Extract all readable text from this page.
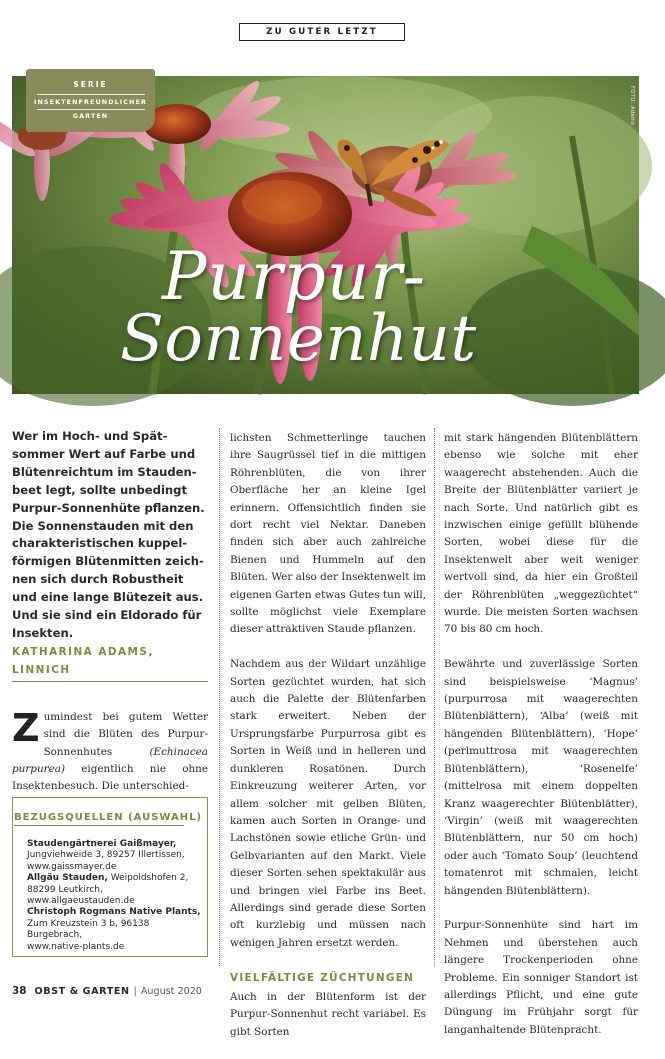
ZU GUTER LETZT
FOTO: Adams
SERIE
INSEKTENFREUNDLICHER
GARTEN
Purpur-
Sonnenhut
Wer im Hoch- und Spätsommer Wert auf Farbe und Blütenreichtum im Staudenbeet legt, sollte unbedingt Purpur-Sonnenhüte pflanzen. Die Sonnenstauden mit den charakteristischen kuppelförmigen Blütenmitten zeichnen sich durch Robustheit und eine lange Blütezeit aus. Und sie sind ein Eldorado für Insekten.  KATHARINA ADAMS, LINNICH

Zumindest bei gutem Wetter sind die Blüten des Purpur-Sonnenhutes (Echinacea purpurea) eigentlich nie ohne Insektenbesuch. Die unterschied-

BEZUGSQUELLEN (AUSWAHL)
Staudengärtnerei Gaißmayer, Jungviehweide 3, 89257 Illertissen,
www.gaissmayer.de
Allgäu Stauden, Weipoldshofen 2, 88299 Leutkirch,
www.allgaeustauden.de
Christoph Rogmans Native Plants, Zum Kreuzstein 3 b, 96138 Burgebrach,
www.native-plants.de

lichsten Schmetterlinge tauchen ihre Saugrüssel tief in die mittigen Röhrenblüten, die von ihrer Oberfläche her an kleine Igel erinnern. Offensichtlich finden sie dort recht viel Nektar. Daneben finden sich aber auch zahlreiche Bienen und Hummeln auf den Blüten. Wer also der Insektenwelt im eigenen Garten etwas Gutes tun will, sollte möglichst viele Exemplare dieser attraktiven Staude pflanzen.

Nachdem aus der Wildart unzählige Sorten gezüchtet wurden, hat sich auch die Palette der Blütenfarben stark erweitert. Neben der Ursprungsfarbe Purpurrosa gibt es Sorten in Weiß und in helleren und dunkleren Rosatönen. Durch Einkreuzung weiterer Arten, vor allem solcher mit gelben Blüten, kamen auch Sorten in Orange- und Lachstönen sowie etliche Grün- und Gelbvarianten auf den Markt. Viele dieser Sorten sehen spektakulär aus und bringen viel Farbe ins Beet. Allerdings sind gerade diese Sorten oft kurzlebig und müssen nach wenigen Jahren ersetzt werden.

VIELFÄLTIGE ZÜCHTUNGEN

Auch in der Blütenform ist der Purpur-Sonnenhut recht variabel. Es gibt Sorten

mit stark hängenden Blütenblättern ebenso wie solche mit eher waagerecht abstehenden. Auch die Breite der Blütenblätter variiert je nach Sorte. Und natürlich gibt es inzwischen einige gefüllt blühende Sorten, wobei diese für die Insektenwelt aber weit weniger wertvoll sind, da hier ein Großteil der Röhrenblüten „weggezüchtet“ wurde. Die meisten Sorten wachsen 70 bis 80 cm hoch.

Bewährte und zuverlässige Sorten sind beispielsweise ‘Magnus’ (purpurrosa mit waagerechten Blütenblättern), ‘Alba’ (weiß mit hängenden Blütenblättern), ‘Hope’ (perlmuttrosa mit waagerechten Blütenblättern), ‘Rosenelfe’ (mittelrosa mit einem doppelten Kranz waagerechter Blütenblätter), ‘Virgin’ (weiß mit waagerechten Blütenblättern, nur 50 cm hoch) oder auch ‘Tomato Soup’ (leuchtend tomatenrot mit schmalen, leicht hängenden Blütenblättern).

Purpur-Sonnenhüte sind hart im Nehmen und überstehen auch längere Trockenperioden ohne Probleme. Ein sonniger Standort ist allerdings Pflicht, und eine gute Düngung im Frühjahr sorgt für langanhaltende Blütenpracht.

38 OBST & GARTEN | August 2020
